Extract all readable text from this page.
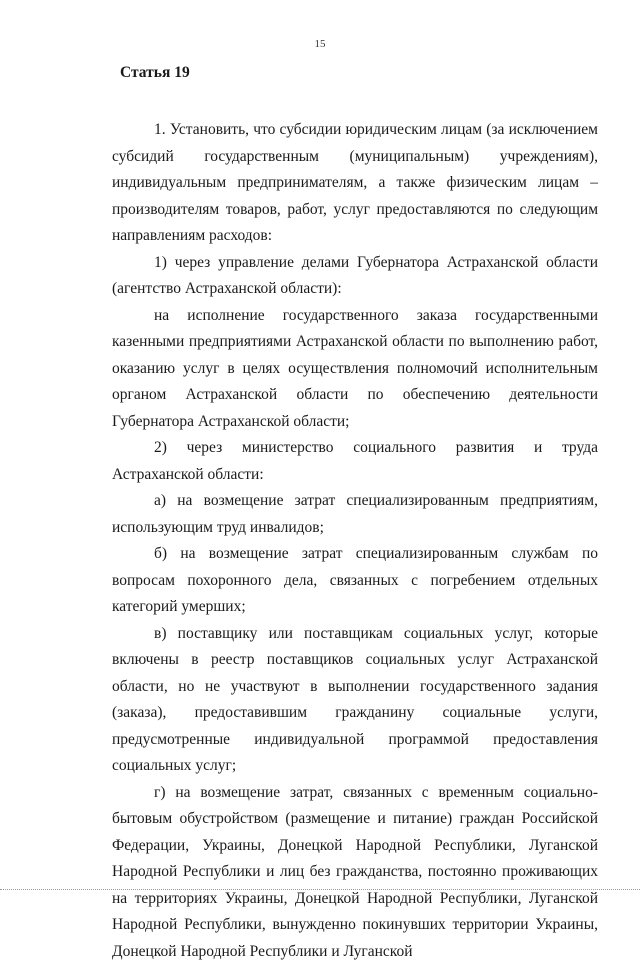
15
Статья 19

1. Установить, что субсидии юридическим лицам (за исключением субсидий государственным (муниципальным) учреждениям), индивидуальным предпринимателям, а также физическим лицам – производителям товаров, работ, услуг предоставляются по следующим направлениям расходов:

1) через управление делами Губернатора Астраханской области (агентство Астраханской области):

на исполнение государственного заказа государственными казенными предприятиями Астраханской области по выполнению работ, оказанию услуг в целях осуществления полномочий исполнительным органом Астраханской области по обеспечению деятельности Губернатора Астраханской области;

2) через министерство социального развития и труда Астраханской области:

а) на возмещение затрат специализированным предприятиям, использующим труд инвалидов;

б) на возмещение затрат специализированным службам по вопросам похоронного дела, связанных с погребением отдельных категорий умерших;

в) поставщику или поставщикам социальных услуг, которые включены в реестр поставщиков социальных услуг Астраханской области, но не участвуют в выполнении государственного задания (заказа), предоставившим гражданину социальные услуги, предусмотренные индивидуальной программой предоставления социальных услуг;

г) на возмещение затрат, связанных с временным социально-бытовым обустройством (размещение и питание) граждан Российской Федерации, Украины, Донецкой Народной Республики, Луганской Народной Республики и лиц без гражданства, постоянно проживающих на территориях Украины, Донецкой Народной Республики, Луганской Народной Республики, вынужденно покинувших территории Украины, Донецкой Народной Республики и Луганской
